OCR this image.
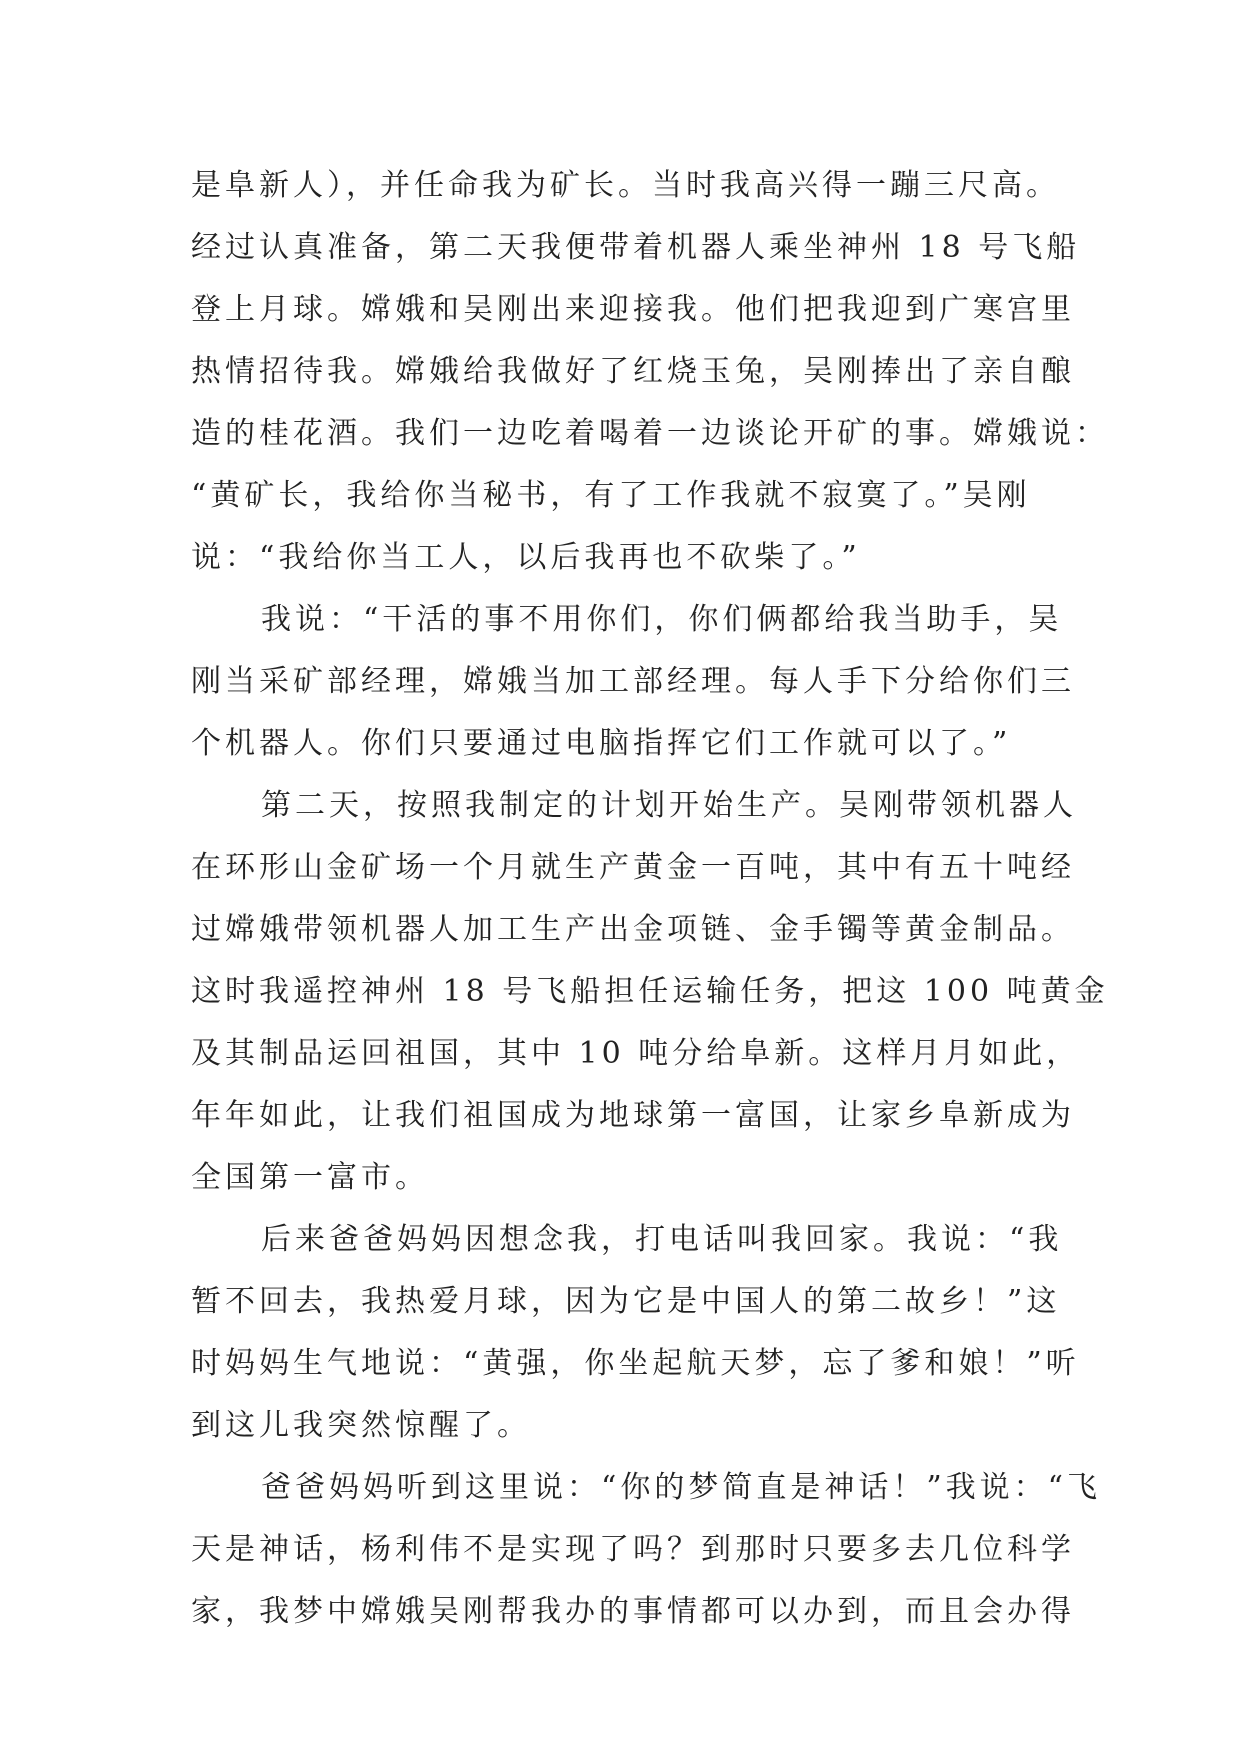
是阜新人），并任命我为矿长。当时我高兴得一蹦三尺高。
经过认真准备，第二天我便带着机器人乘坐神州 18 号飞船
登上月球。嫦娥和吴刚出来迎接我。他们把我迎到广寒宫里
热情招待我。嫦娥给我做好了红烧玉兔，吴刚捧出了亲自酿
造的桂花酒。我们一边吃着喝着一边谈论开矿的事。嫦娥说：
“黄矿长，我给你当秘书，有了工作我就不寂寞了。”吴刚
说：“我给你当工人，以后我再也不砍柴了。”
我说：“干活的事不用你们，你们俩都给我当助手，吴
刚当采矿部经理，嫦娥当加工部经理。每人手下分给你们三
个机器人。你们只要通过电脑指挥它们工作就可以了。”
第二天，按照我制定的计划开始生产。吴刚带领机器人
在环形山金矿场一个月就生产黄金一百吨，其中有五十吨经
过嫦娥带领机器人加工生产出金项链、金手镯等黄金制品。
这时我遥控神州 18 号飞船担任运输任务，把这 100 吨黄金
及其制品运回祖国，其中 10 吨分给阜新。这样月月如此，
年年如此，让我们祖国成为地球第一富国，让家乡阜新成为
全国第一富市。
后来爸爸妈妈因想念我，打电话叫我回家。我说：“我
暂不回去，我热爱月球，因为它是中国人的第二故乡！”这
时妈妈生气地说：“黄强，你坐起航天梦，忘了爹和娘！”听
到这儿我突然惊醒了。
爸爸妈妈听到这里说：“你的梦简直是神话！”我说：“飞
天是神话，杨利伟不是实现了吗？到那时只要多去几位科学
家，我梦中嫦娥吴刚帮我办的事情都可以办到，而且会办得
